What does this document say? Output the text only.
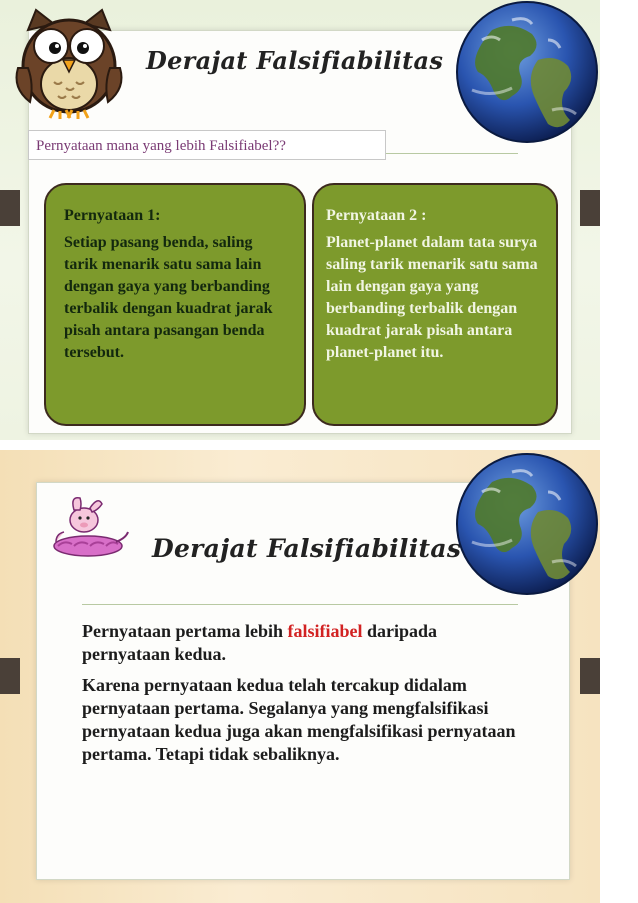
Derajat Falsifiabilitas
Pernyataan mana yang lebih Falsifiabel??

Pernyataan 1:

Setiap pasang benda, saling tarik menarik satu sama lain dengan gaya yang berbanding terbalik dengan kuadrat jarak pisah antara pasangan benda tersebut.

Pernyataan 2 :

Planet-planet dalam tata surya saling tarik menarik satu sama lain dengan gaya yang berbanding terbalik dengan kuadrat jarak pisah antara planet-planet itu.

Derajat Falsifiabilitas

Pernyataan pertama lebih falsifiabel daripada pernyataan kedua.

Karena pernyataan kedua telah tercakup didalam pernyataan pertama. Segalanya yang mengfalsifikasi pernyataan kedua juga akan mengfalsifikasi pernyataan pertama. Tetapi tidak sebaliknya.
